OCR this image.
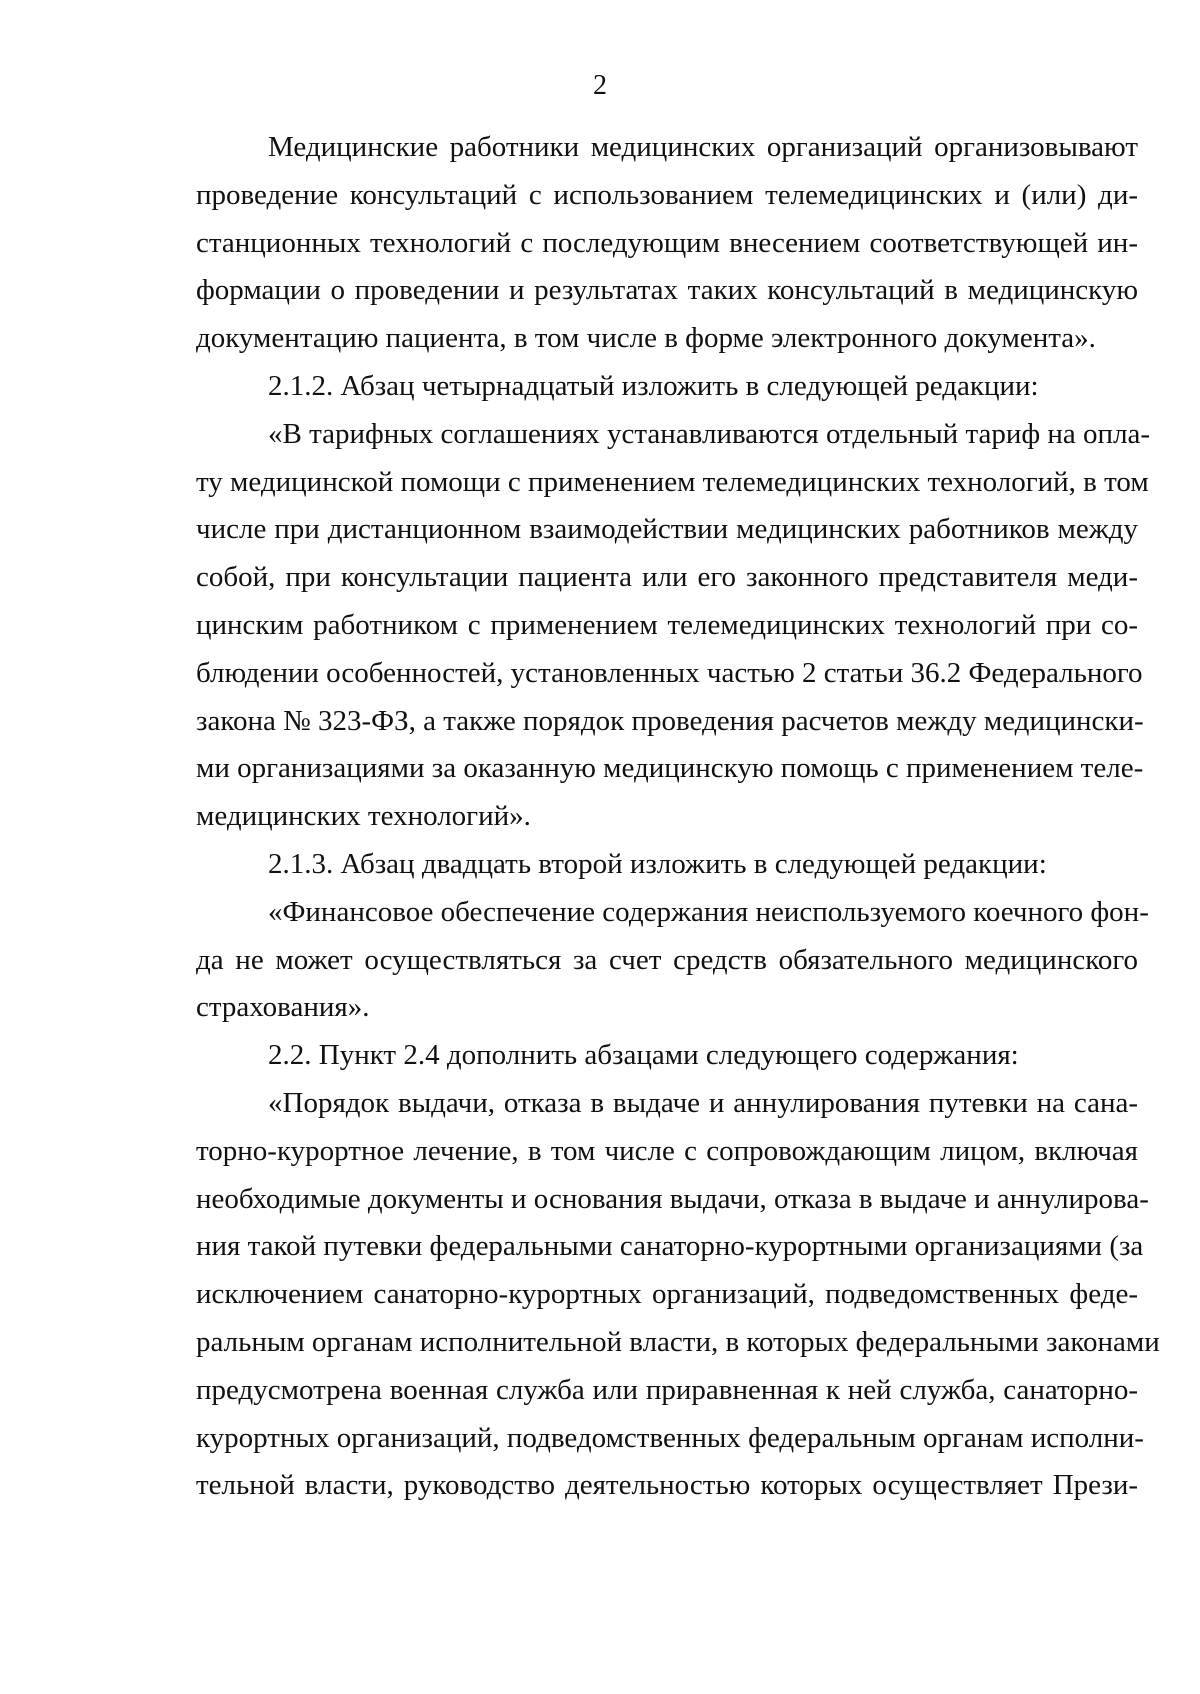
2

Медицинские работники медицинских организаций организовывают
проведение консультаций с использованием телемедицинских и (или) ди-
станционных технологий с последующим внесением соответствующей ин-
формации о проведении и результатах таких консультаций в медицинскую
документацию пациента, в том числе в форме электронного документа».

2.1.2. Абзац четырнадцатый изложить в следующей редакции:

«В тарифных соглашениях устанавливаются отдельный тариф на опла-
ту медицинской помощи с применением телемедицинских технологий, в том
числе при дистанционном взаимодействии медицинских работников между
собой, при консультации пациента или его законного представителя меди-
цинским работником с применением телемедицинских технологий при со-
блюдении особенностей, установленных частью 2 статьи 36.2 Федерального
закона № 323-ФЗ, а также порядок проведения расчетов между медицински-
ми организациями за оказанную медицинскую помощь с применением теле-
медицинских технологий».

2.1.3. Абзац двадцать второй изложить в следующей редакции:

«Финансовое обеспечение содержания неиспользуемого коечного фон-
да не может осуществляться за счет средств обязательного медицинского
страхования».

2.2. Пункт 2.4 дополнить абзацами следующего содержания:

«Порядок выдачи, отказа в выдаче и аннулирования путевки на сана-
торно-курортное лечение, в том числе с сопровождающим лицом, включая
необходимые документы и основания выдачи, отказа в выдаче и аннулирова-
ния такой путевки федеральными санаторно-курортными организациями (за
исключением санаторно-курортных организаций, подведомственных феде-
ральным органам исполнительной власти, в которых федеральными законами
предусмотрена военная служба или приравненная к ней служба, санаторно-
курортных организаций, подведомственных федеральным органам исполни-
тельной власти, руководство деятельностью которых осуществляет Прези-
